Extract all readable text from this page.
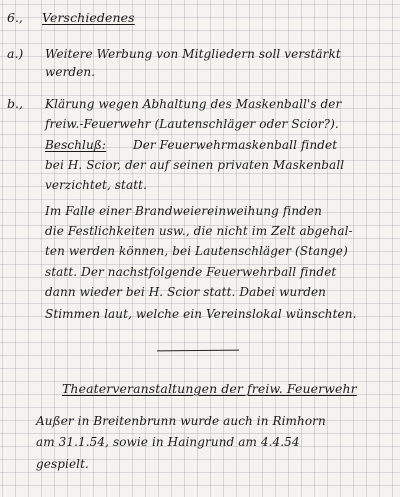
6., Verschiedenes
a.) Weitere Werbung von Mitgliedern soll verstärkt
werden.
b., Klärung wegen Abhaltung des Maskenball's der
freiw.-Feuerwehr (Lautenschläger oder Scior?).
Beschluß: Der Feuerwehrmaskenball findet
bei H. Scior, der auf seinen privaten Maskenball
verzichtet, statt.
Im Falle einer Brandweiereinweihung finden
die Festlichkeiten usw., die nicht im Zelt abgehal-
ten werden können, bei Lautenschläger (Stange)
statt. Der nachstfolgende Feuerwehrball findet
dann wieder bei H. Scior statt. Dabei wurden
Stimmen laut, welche ein Vereinslokal wünschten.
Theaterveranstaltungen der freiw. Feuerwehr
Außer in Breitenbrunn wurde auch in Rimhorn
am 31.1.54, sowie in Haingrund am 4.4.54
gespielt.
